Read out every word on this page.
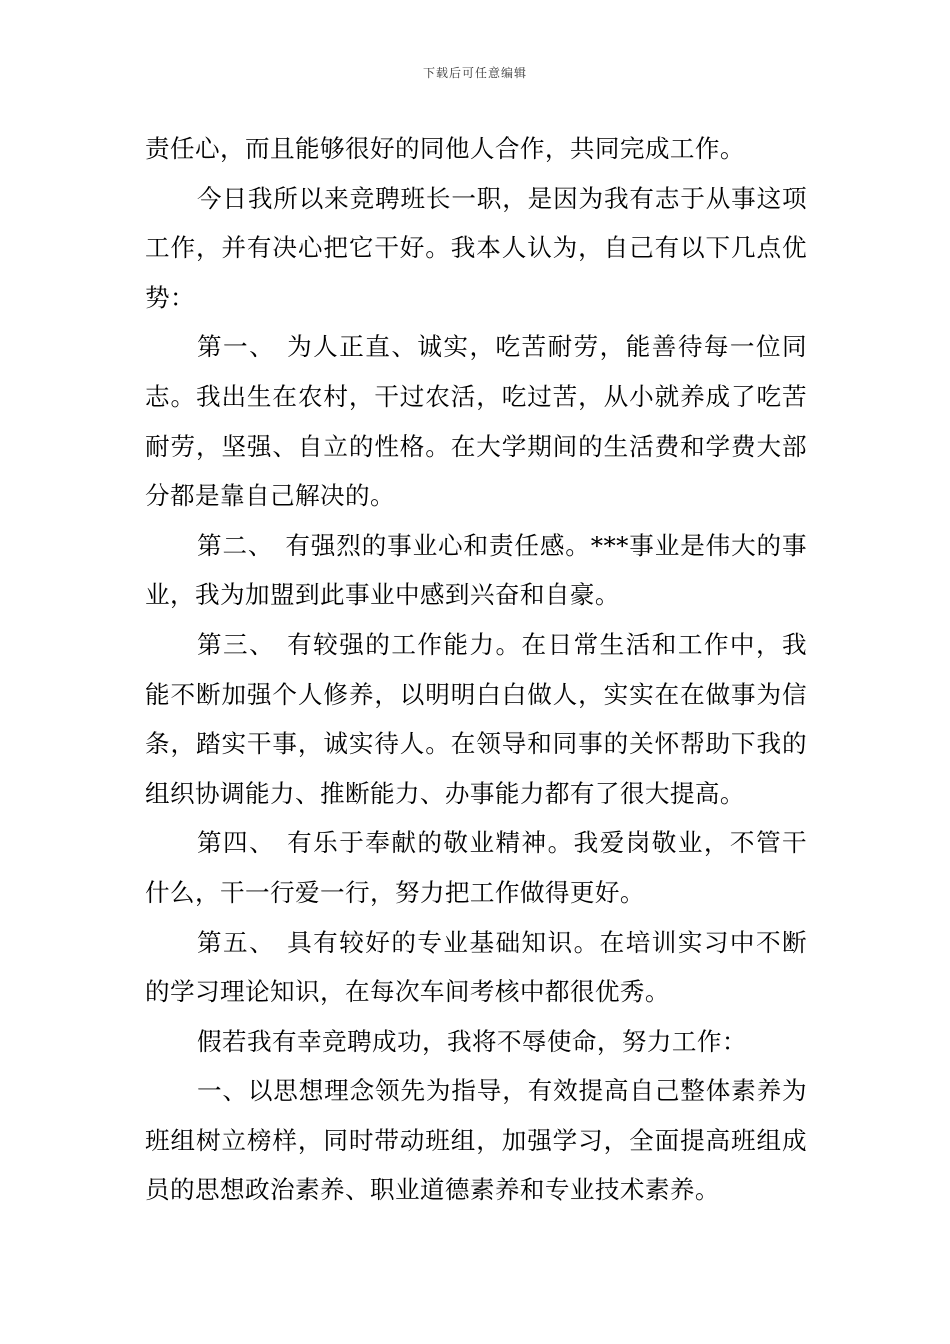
下载后可任意编辑

责任心，而且能够很好的同他人合作，共同完成工作。

今日我所以来竞聘班长一职，是因为我有志于从事这项工作，并有决心把它干好。我本人认为，自己有以下几点优势：

第一、 为人正直、诚实，吃苦耐劳，能善待每一位同志。我出生在农村，干过农活，吃过苦，从小就养成了吃苦耐劳，坚强、自立的性格。在大学期间的生活费和学费大部分都是靠自己解决的。

第二、 有强烈的事业心和责任感。***事业是伟大的事业，我为加盟到此事业中感到兴奋和自豪。

第三、 有较强的工作能力。在日常生活和工作中，我能不断加强个人修养，以明明白白做人，实实在在做事为信条，踏实干事，诚实待人。在领导和同事的关怀帮助下我的组织协调能力、推断能力、办事能力都有了很大提高。

第四、 有乐于奉献的敬业精神。我爱岗敬业，不管干什么，干一行爱一行，努力把工作做得更好。

第五、 具有较好的专业基础知识。在培训实习中不断的学习理论知识，在每次车间考核中都很优秀。

假若我有幸竞聘成功，我将不辱使命，努力工作：

一、以思想理念领先为指导，有效提高自己整体素养为班组树立榜样，同时带动班组，加强学习，全面提高班组成员的思想政治素养、职业道德素养和专业技术素养。
